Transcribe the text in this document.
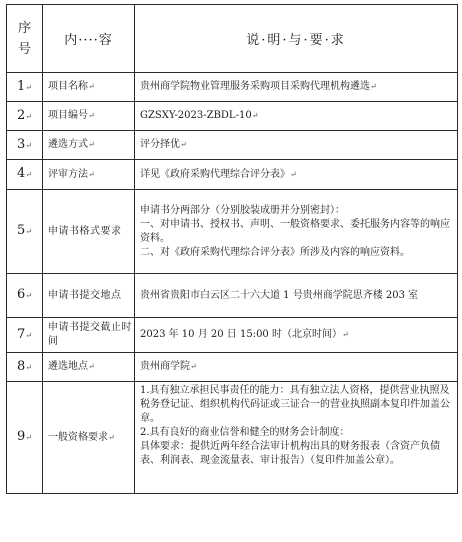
序号	内····容	说·明·与·要·求
1↵	项目名称↵	贵州商学院物业管理服务采购项目采购代理机构遴选↵
2↵	项目编号↵	GZSXY-2023-ZBDL-10↵
3↵	遴选方式↵	评分择优↵
4↵	评审方法↵	详见《政府采购代理综合评分表》↵
5↵	申请书格式要求	申请书分两部分（分别胶装成册并分别密封）：
一、对申请书、授权书、声明、一般资格要求、委托服务内容等的响应资料。
二、对《政府采购代理综合评分表》所涉及内容的响应资料。

6↵	申请书提交地点	贵州省贵阳市白云区二十六大道 1 号贵州商学院思齐楼 203 室
7↵	申请书提交截止时间	2023 年 10 月 20 日 15:00 时（北京时间）↵
8↵	遴选地点↵	贵州商学院↵
9↵	一般资格要求↵	1.具有独立承担民事责任的能力：具有独立法人资格，提供营业执照及税务登记证、组织机构代码证或三证合一的营业执照副本复印件加盖公章。
2.具有良好的商业信誉和健全的财务会计制度：
具体要求：提供近两年经合法审计机构出具的财务报表（含资产负债表、利润表、现金流量表、审计报告）（复印件加盖公章）。
